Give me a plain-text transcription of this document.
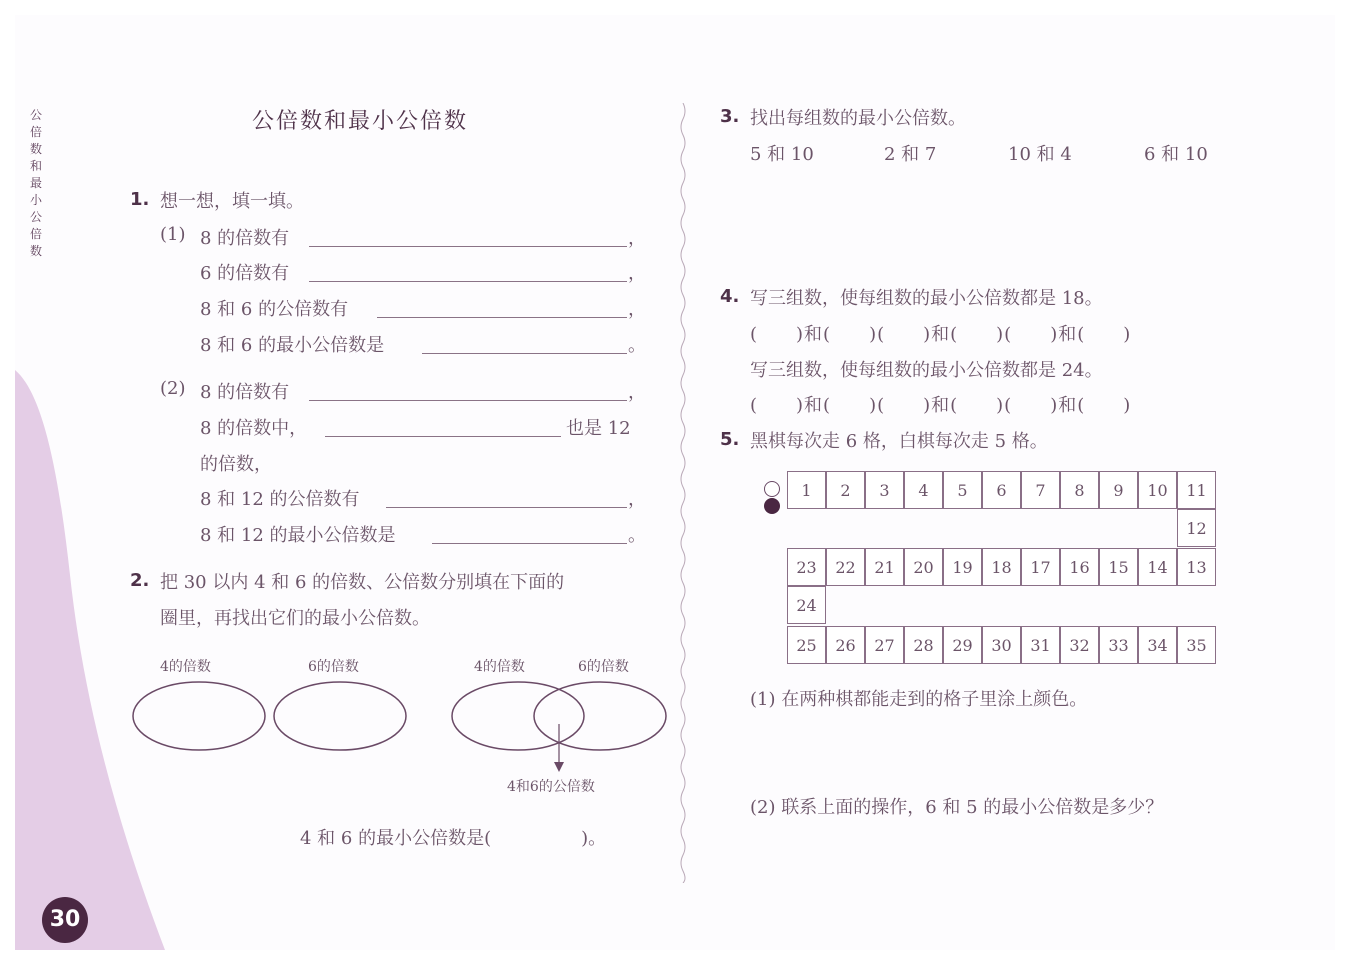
公倍数和最小公倍数
30
公倍数和最小公倍数
1. 想一想，填一填。
(1) 8 的倍数有	，
6 的倍数有	，
8 和 6 的公倍数有	，
8 和 6 的最小公倍数是	。
(2) 8 的倍数有	，
8 的倍数中，	也是 12
的倍数，
8 和 12 的公倍数有	，
8 和 12 的最小公倍数是	。
2. 把 30 以内 4 和 6 的倍数、公倍数分别填在下面的
圈里，再找出它们的最小公倍数。
4的倍数	6的倍数	4的倍数	6的倍数
4和6的公倍数
4 和 6 的最小公倍数是(　　　　　)。
3. 找出每组数的最小公倍数。
5 和 10	2 和 7	10 和 4	6 和 10
4. 写三组数，使每组数的最小公倍数都是 18。
(　　)和(　　)(　　)和(　　)(　　)和(　　)
写三组数，使每组数的最小公倍数都是 24。
(　　)和(　　)(　　)和(　　)(　　)和(　　)
5. 黑棋每次走 6 格，白棋每次走 5 格。
1	2	3	4	5	6	7	8	9	10	11
12
23	22	21	20	19	18	17	16	15	14	13
24
25	26	27	28	29	30	31	32	33	34	35
(1) 在两种棋都能走到的格子里涂上颜色。
(2) 联系上面的操作，6 和 5 的最小公倍数是多少？
